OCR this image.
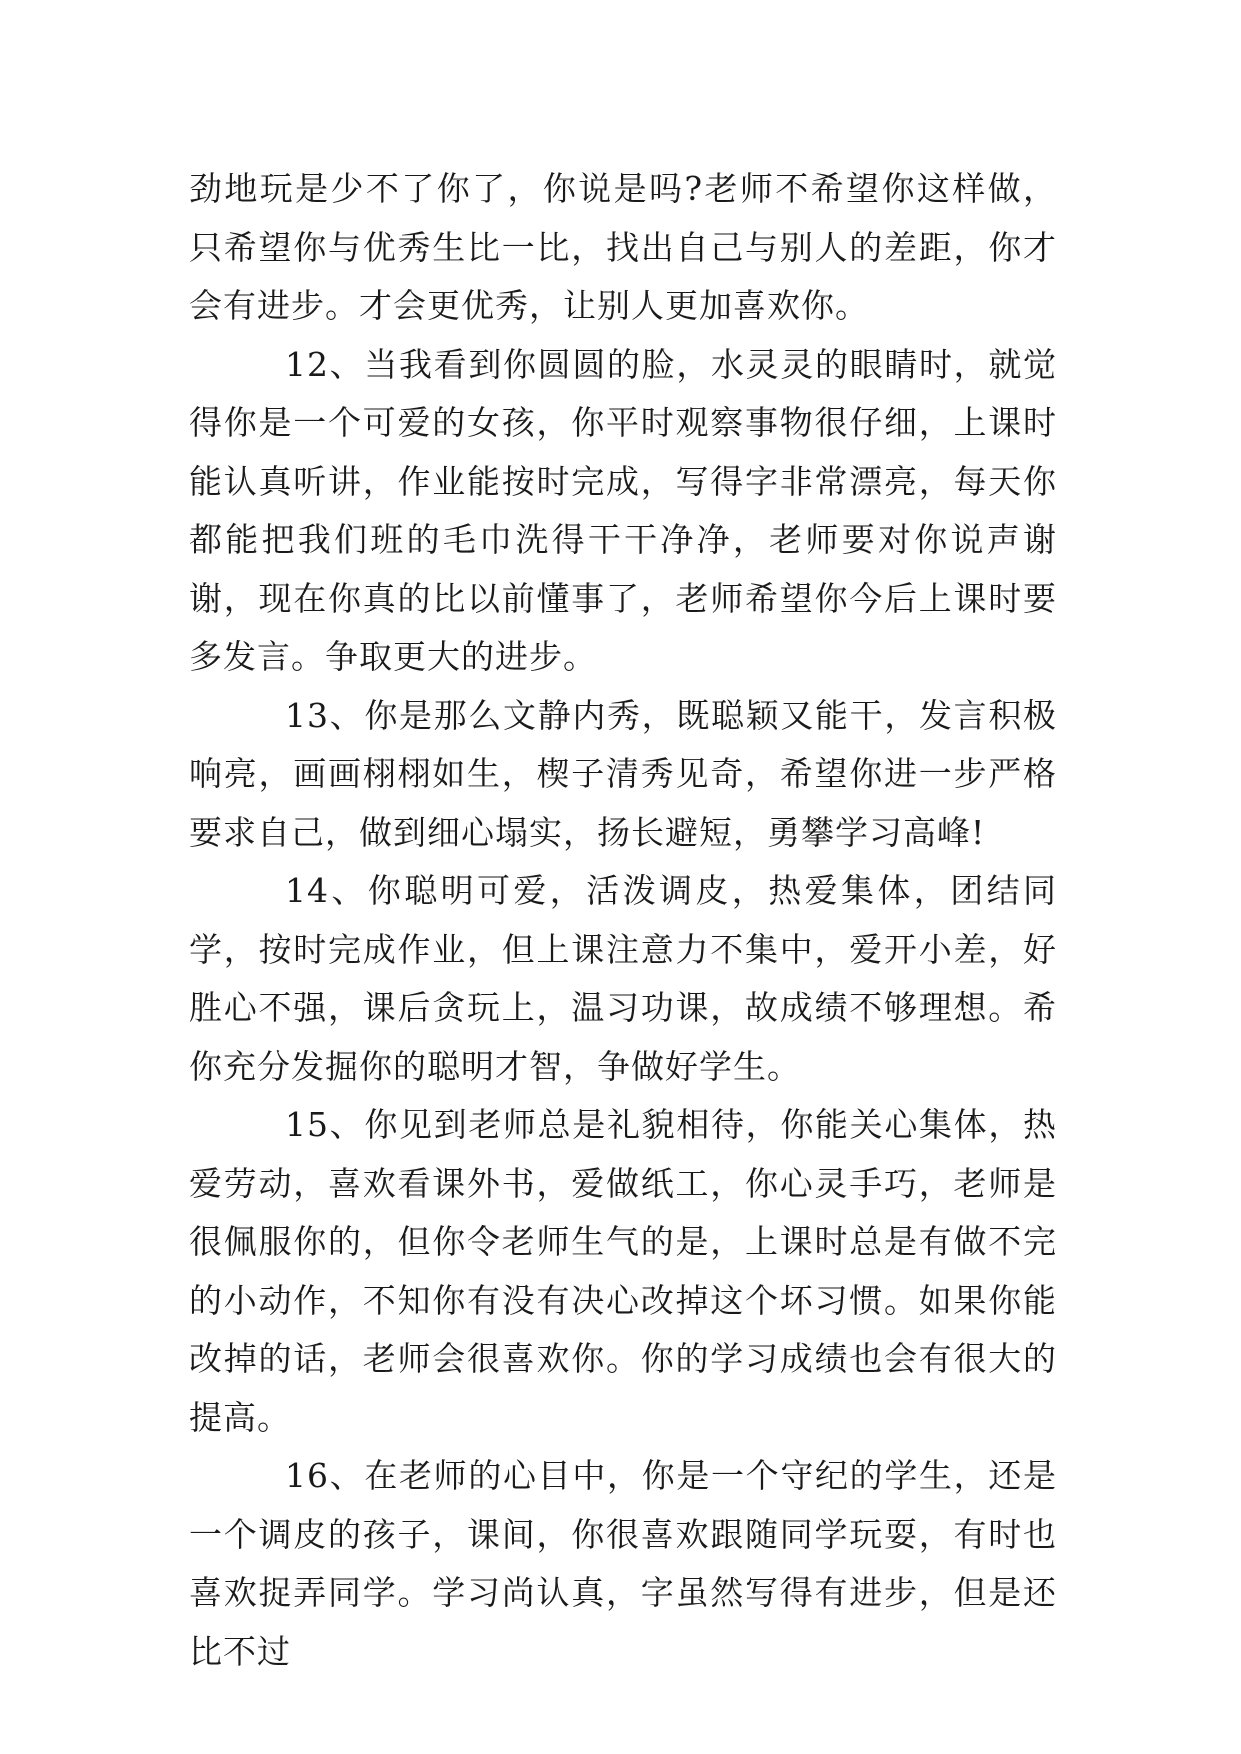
劲地玩是少不了你了，你说是吗?老师不希望你这样做，只希望你与优秀生比一比，找出自己与别人的差距，你才会有进步。才会更优秀，让别人更加喜欢你。

12、当我看到你圆圆的脸，水灵灵的眼睛时，就觉得你是一个可爱的女孩，你平时观察事物很仔细，上课时能认真听讲，作业能按时完成，写得字非常漂亮，每天你都能把我们班的毛巾洗得干干净净，老师要对你说声谢谢，现在你真的比以前懂事了，老师希望你今后上课时要多发言。争取更大的进步。

13、你是那么文静内秀，既聪颖又能干，发言积极响亮，画画栩栩如生，楔子清秀见奇，希望你进一步严格要求自己，做到细心塌实，扬长避短，勇攀学习高峰!

14、你聪明可爱，活泼调皮，热爱集体，团结同学，按时完成作业，但上课注意力不集中，爱开小差，好胜心不强，课后贪玩上，温习功课，故成绩不够理想。希你充分发掘你的聪明才智，争做好学生。

15、你见到老师总是礼貌相待，你能关心集体，热爱劳动，喜欢看课外书，爱做纸工，你心灵手巧，老师是很佩服你的，但你令老师生气的是，上课时总是有做不完的小动作，不知你有没有决心改掉这个坏习惯。如果你能改掉的话，老师会很喜欢你。你的学习成绩也会有很大的提高。

16、在老师的心目中，你是一个守纪的学生，还是一个调皮的孩子，课间，你很喜欢跟随同学玩耍，有时也喜欢捉弄同学。学习尚认真，字虽然写得有进步，但是还比不过
